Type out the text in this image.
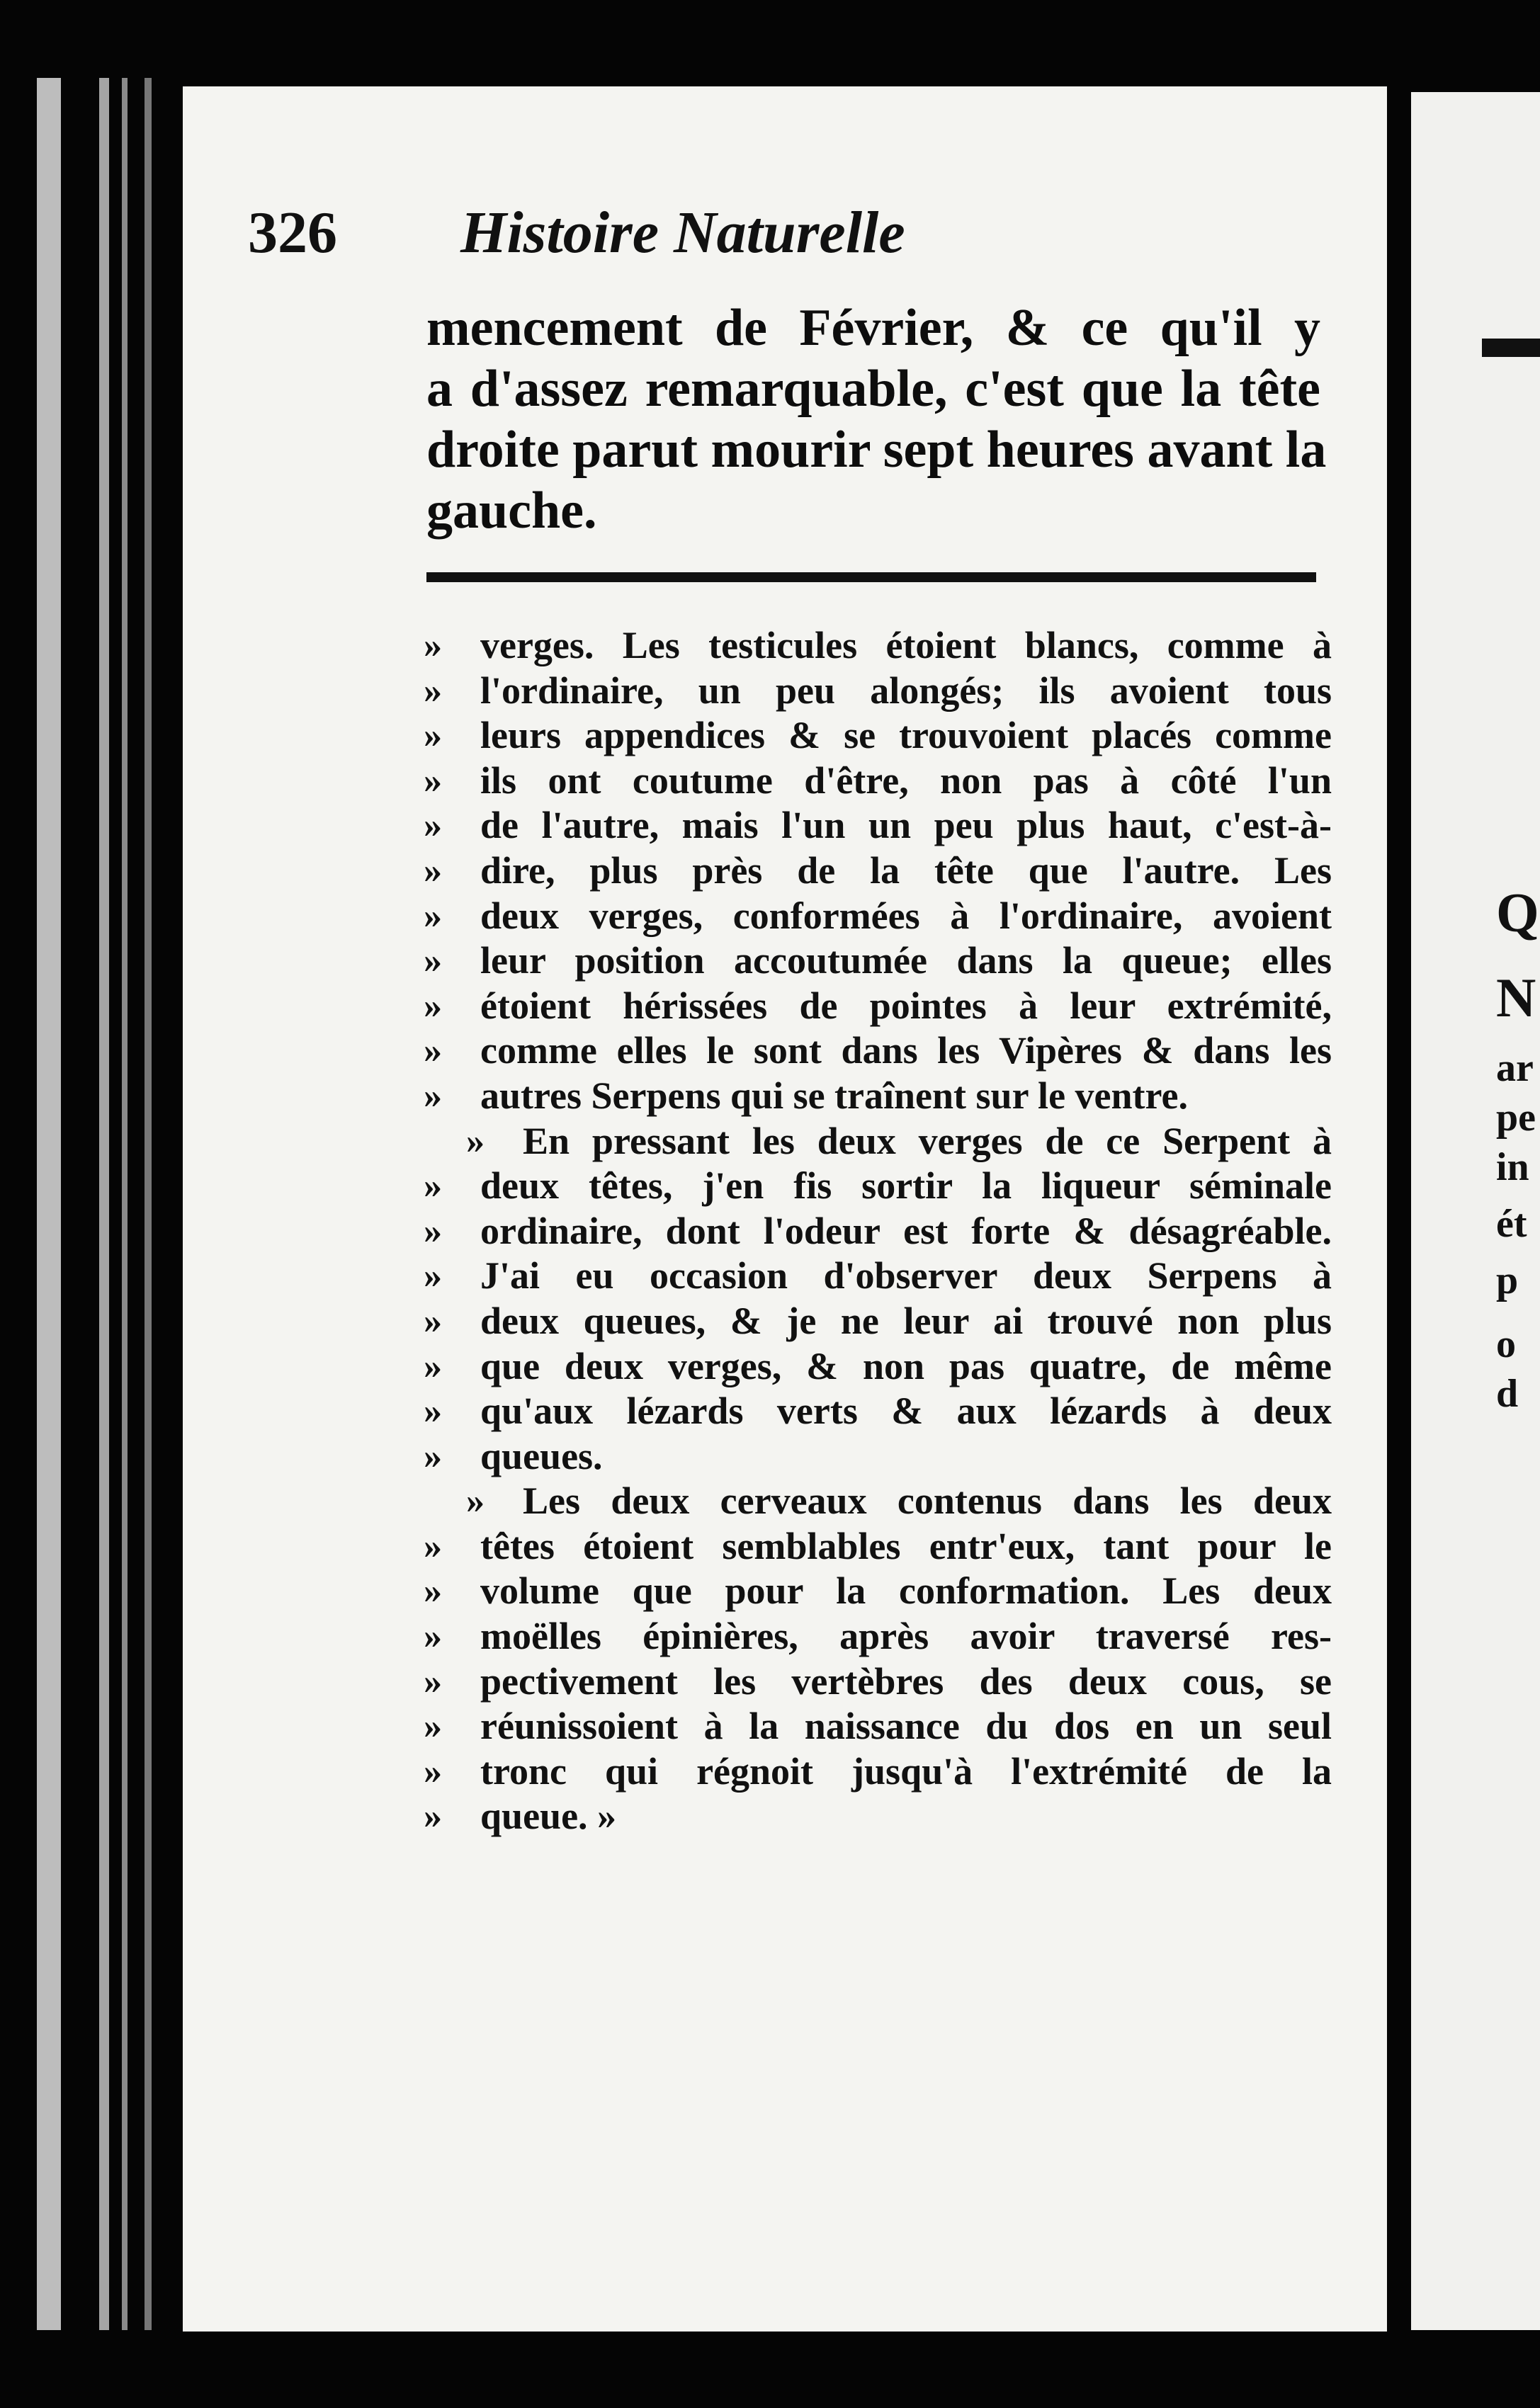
Q
N
ar
pe
in
ét
p
o
d
326 Histoire Naturelle
mencement de Février, & ce qu'il y
a d'assez remarquable, c'est que la tête
droite parut mourir sept heures avant la
gauche.
»	verges. Les testicules étoient blancs, comme à
»	l'ordinaire, un peu alongés; ils avoient tous
»	leurs appendices & se trouvoient placés comme
»	ils ont coutume d'être, non pas à côté l'un
»	de l'autre, mais l'un un peu plus haut, c'est-à-
»	dire, plus près de la tête que l'autre. Les
»	deux verges, conformées à l'ordinaire, avoient
»	leur position accoutumée dans la queue; elles
»	étoient hérissées de pointes à leur extrémité,
»	comme elles le sont dans les Vipères & dans les
»	autres Serpens qui se traînent sur le ventre.
»	En pressant les deux verges de ce Serpent à
»	deux têtes, j'en fis sortir la liqueur séminale
»	ordinaire, dont l'odeur est forte & désagréable.
»	J'ai eu occasion d'observer deux Serpens à
»	deux queues, & je ne leur ai trouvé non plus
»	que deux verges, & non pas quatre, de même
»	qu'aux lézards verts & aux lézards à deux
»	queues.
»	Les deux cerveaux contenus dans les deux
»	têtes étoient semblables entr'eux, tant pour le
»	volume que pour la conformation. Les deux
»	moëlles épinières, après avoir traversé res-
»	pectivement les vertèbres des deux cous, se
»	réunissoient à la naissance du dos en un seul
»	tronc qui régnoit jusqu'à l'extrémité de la
»	queue. »
